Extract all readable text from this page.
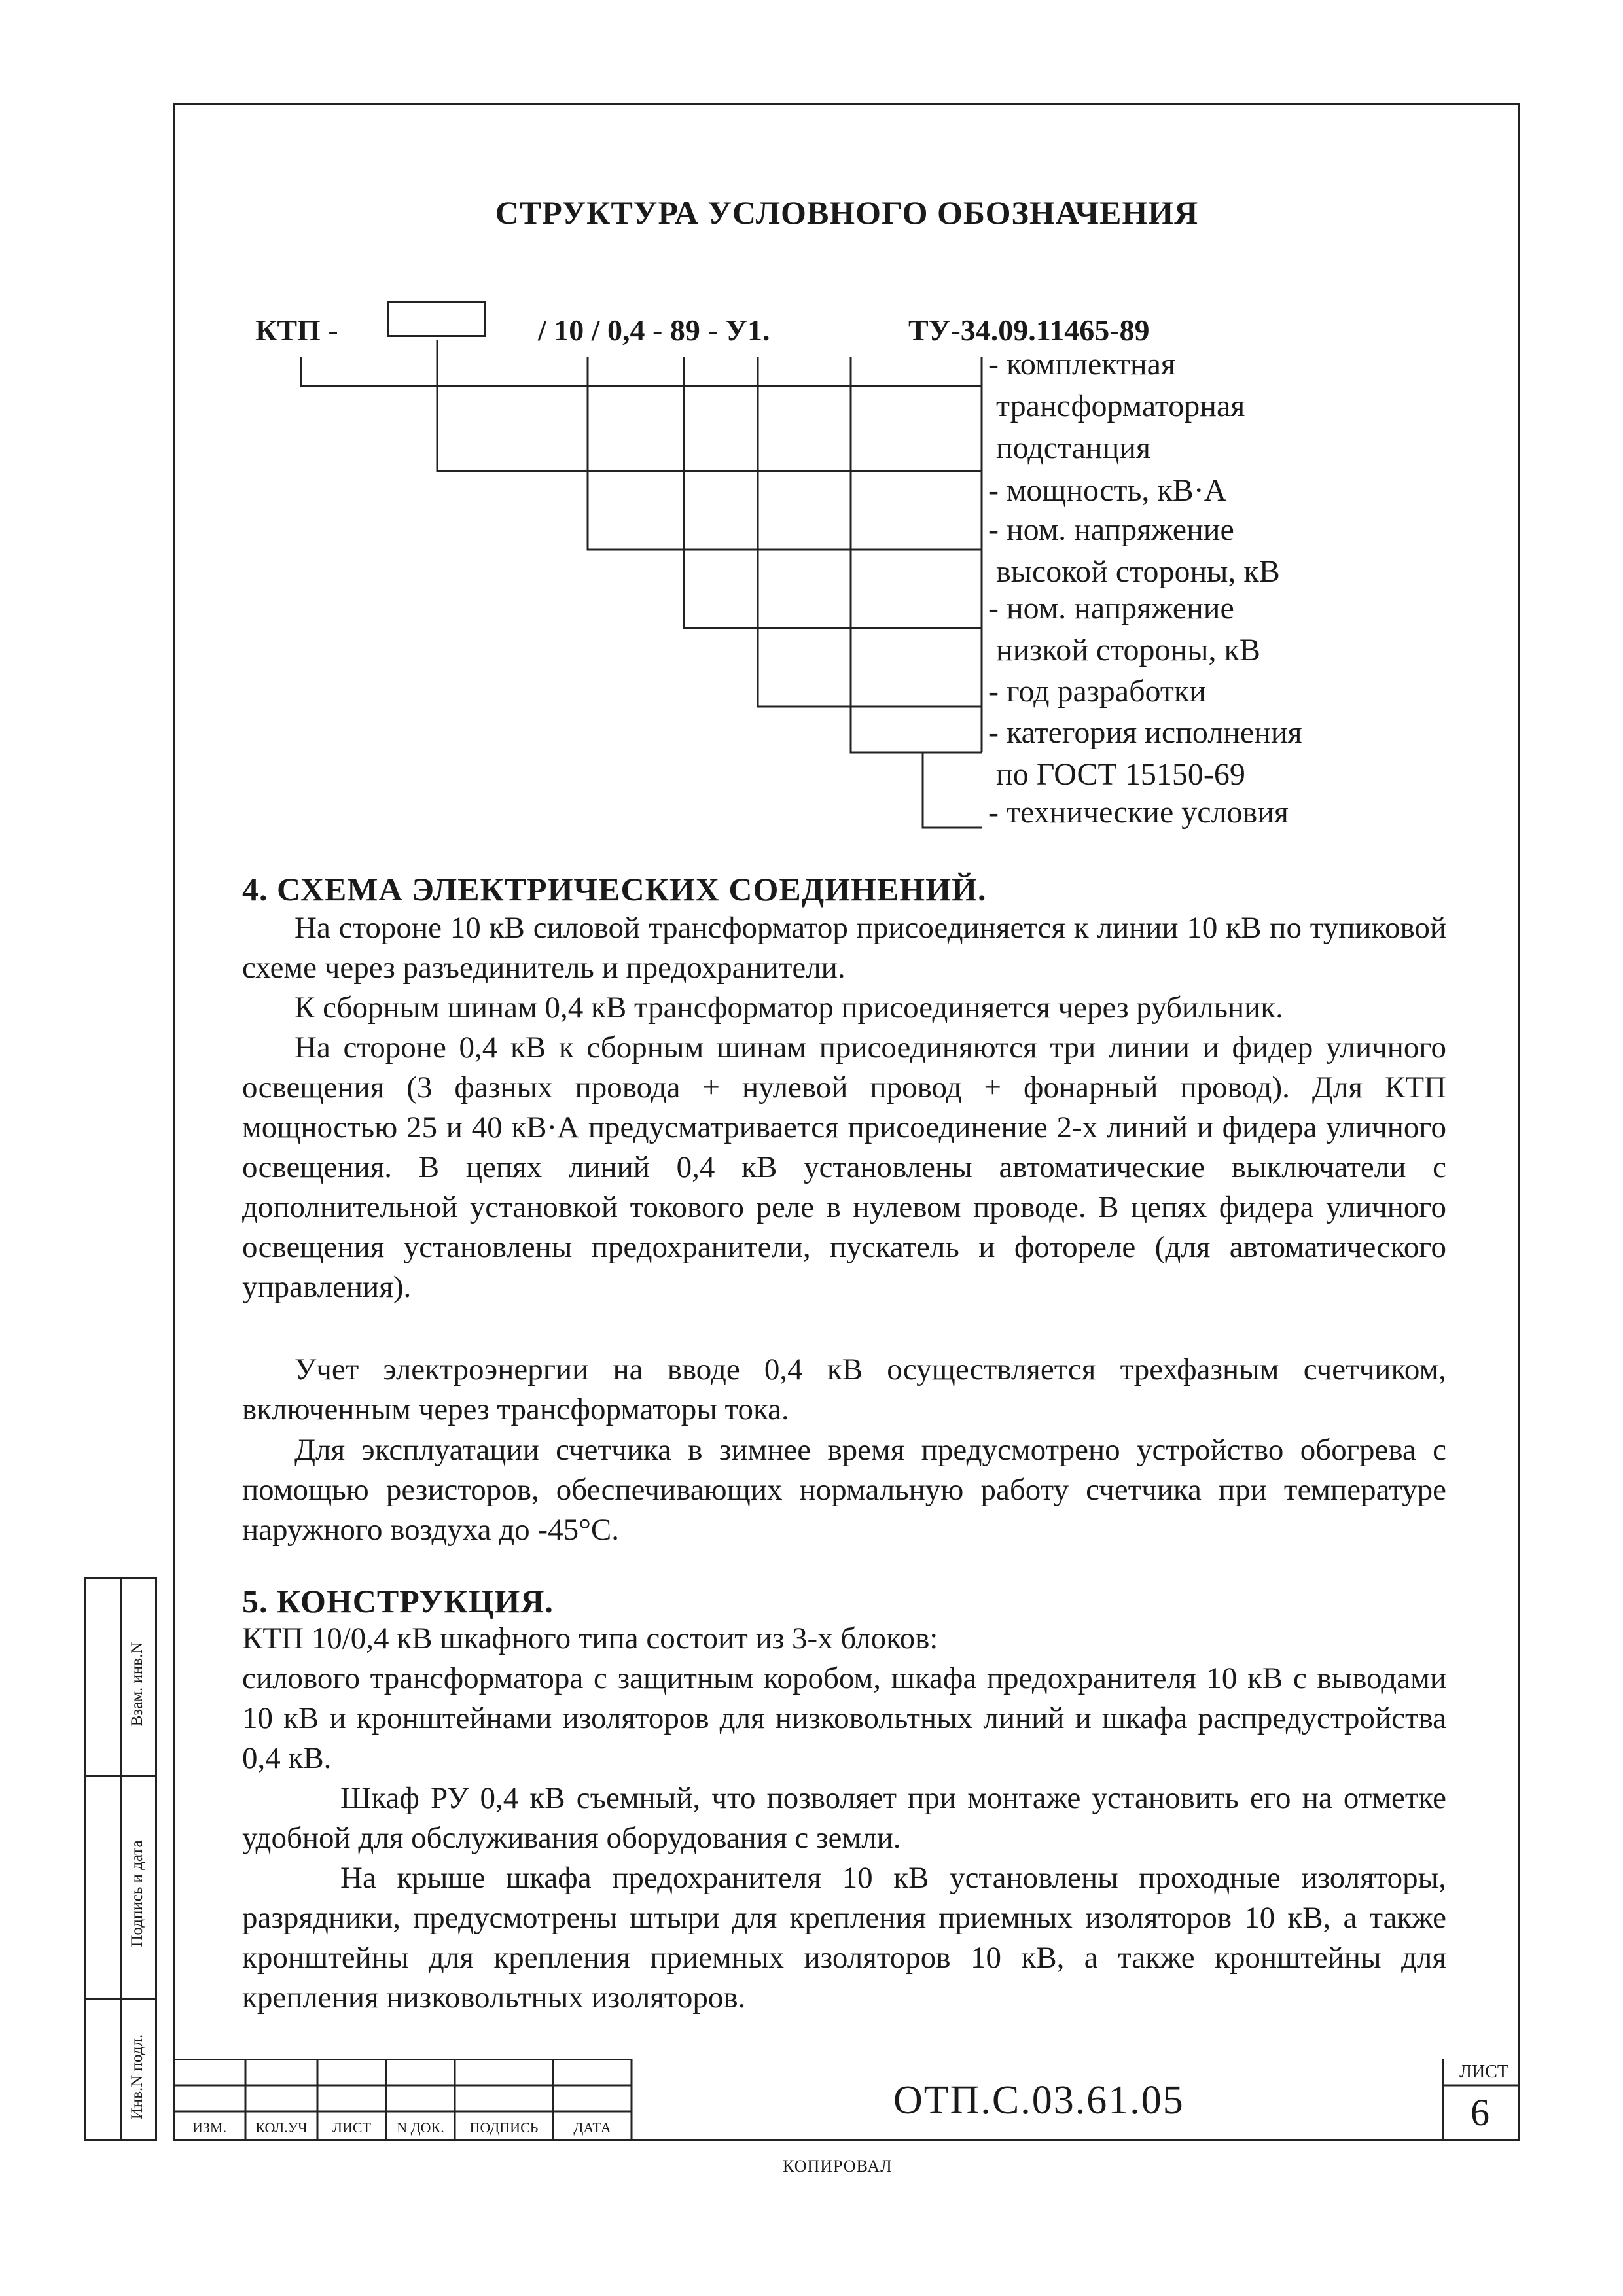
СТРУКТУРА УСЛОВНОГО ОБОЗНАЧЕНИЯ
КТП -	/ 10 / 0,4 - 89 - У1.	ТУ-34.09.11465-89
- комплектная
трансформаторная
подстанция
- мощность, кВ·А
- ном. напряжение
высокой стороны, кВ
- ном. напряжение
низкой стороны, кВ
- год разработки
- категория исполнения
по ГОСТ 15150-69
- технические условия
4. СХЕМА ЭЛЕКТРИЧЕСКИХ СОЕДИНЕНИЙ.
На стороне 10 кВ силовой трансформатор присоединяется к линии 10 кВ по тупиковой схеме через разъединитель и предохранители.
К сборным шинам 0,4 кВ трансформатор присоединяется через рубильник.
На стороне 0,4 кВ к сборным шинам присоединяются три линии и фидер уличного освещения (3 фазных провода + нулевой провод + фонарный провод). Для КТП мощностью 25 и 40 кВ·А предусматривается присоединение 2-х линий и фидера уличного освещения. В цепях линий 0,4 кВ установлены автоматические выключатели с дополнительной установкой токового реле в нулевом проводе. В цепях фидера уличного освещения установлены предохранители, пускатель и фотореле (для автоматического управления).
Учет электроэнергии на вводе 0,4 кВ осуществляется трехфазным счетчиком, включенным через трансформаторы тока.
Для эксплуатации счетчика в зимнее время предусмотрено устройство обогрева с помощью резисторов, обеспечивающих нормальную работу счетчика при температуре наружного воздуха до -45°С.
5. КОНСТРУКЦИЯ.
КТП 10/0,4 кВ шкафного типа состоит из 3-х блоков:
силового трансформатора с защитным коробом, шкафа предохранителя 10 кВ с выводами 10 кВ и кронштейнами изоляторов для низковольтных линий и шкафа распредустройства 0,4 кВ.
Шкаф РУ 0,4 кВ съемный, что позволяет при монтаже установить его на отметке удобной для обслуживания оборудования с земли.
На крыше шкафа предохранителя 10 кВ установлены проходные изоляторы, разрядники, предусмотрены штыри для крепления приемных изоляторов 10 кВ, а также кронштейны для крепления приемных изоляторов 10 кВ, а также кронштейны для крепления низковольтных изоляторов.
Взам. инв.N
Подпись и дата
Инв.N подл.
ИЗМ.	КОЛ.УЧ	ЛИСТ	N ДОК.	ПОДПИСЬ	ДАТА
ОТП.С.03.61.05
ЛИСТ
6
КОПИРОВАЛ
